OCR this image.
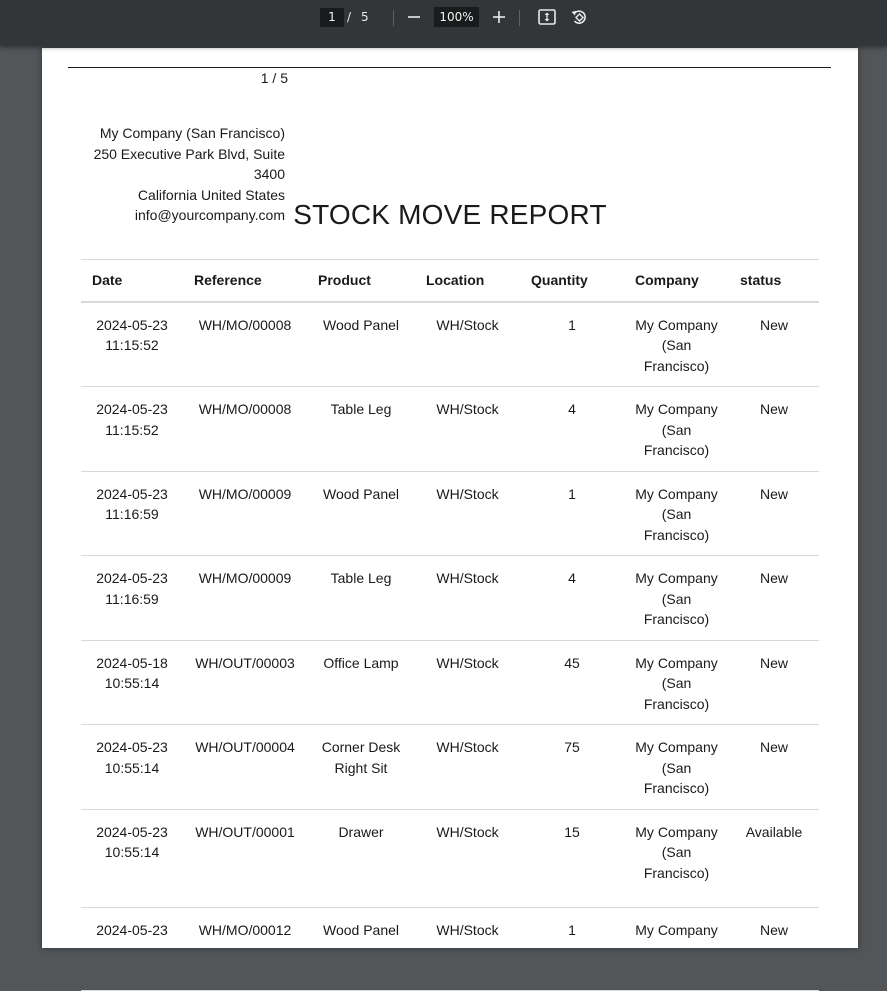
1 / 5	100%
1 / 5
My Company (San Francisco)
250 Executive Park Blvd, Suite 3400
California United States
info@yourcompany.com STOCK MOVE REPORT
Date	Reference	Product	Location	Quantity	Company	status

2024-05-23
11:15:52	WH/MO/00008	Wood Panel	WH/Stock	1	My Company (San Francisco)	New

2024-05-23
11:15:52	WH/MO/00008	Table Leg	WH/Stock	4	My Company (San Francisco)	New

2024-05-23
11:16:59	WH/MO/00009	Wood Panel	WH/Stock	1	My Company (San Francisco)	New

2024-05-23
11:16:59	WH/MO/00009	Table Leg	WH/Stock	4	My Company (San Francisco)	New

2024-05-18
10:55:14	WH/OUT/00003	Office Lamp	WH/Stock	45	My Company (San Francisco)	New

2024-05-23
10:55:14	WH/OUT/00004	Corner Desk Right Sit	WH/Stock	75	My Company (San Francisco)	New

2024-05-23
10:55:14	WH/OUT/00001	Drawer	WH/Stock	15	My Company (San Francisco)	Available

2024-05-23	WH/MO/00012	Wood Panel	WH/Stock	1	My Company	New
